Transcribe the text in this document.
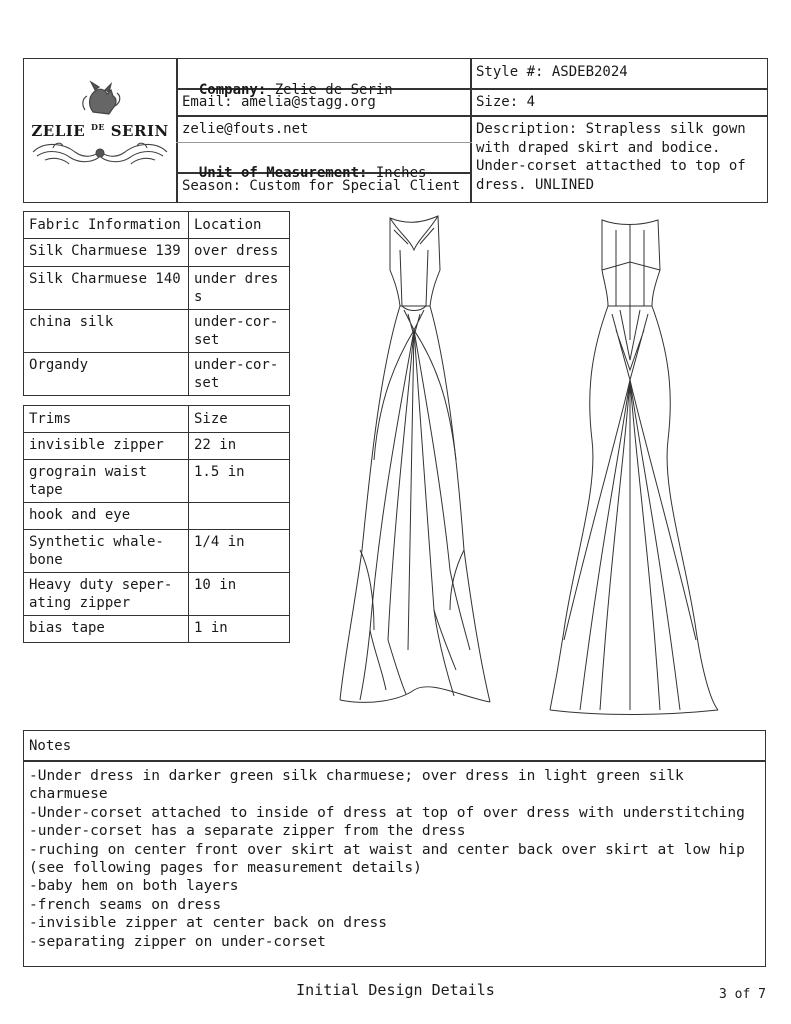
ZELIE $^{DE}$ SERIN

Company: Zelie de Serin

Email: amelia@stagg.org
zelie@fouts.net

Unit of Measurement: Inches

Season: Custom for Special Client
Style #: ASDEB2024
Size: 4
Description: Strapless silk gown with draped skirt and bodice. Under-corset attacthed to top of dress. UNLINED
Fabric Information	Location
Silk Charmuese 139	over dress
Silk Charmuese 140	under dress
china silk	under-cor-set
Organdy	under-cor-set
Trims	Size
invisible zipper	22 in
grograin waist tape	1.5 in
hook and eye	
Synthetic whale-bone	1/4 in
Heavy duty seper-ating zipper	10 in
bias tape	1 in
Notes
-Under dress in darker green silk charmuese; over dress in light green silk charmuese
-Under-corset attached to inside of dress at top of over dress with understitching
-under-corset has a separate zipper from the dress
-ruching on center front over skirt at waist and center back over skirt at low hip
(see following pages for measurement details)
-baby hem on both layers
-french seams on dress
-invisible zipper at center back on dress
-separating zipper on under-corset
Initial Design Details	3 of 7
